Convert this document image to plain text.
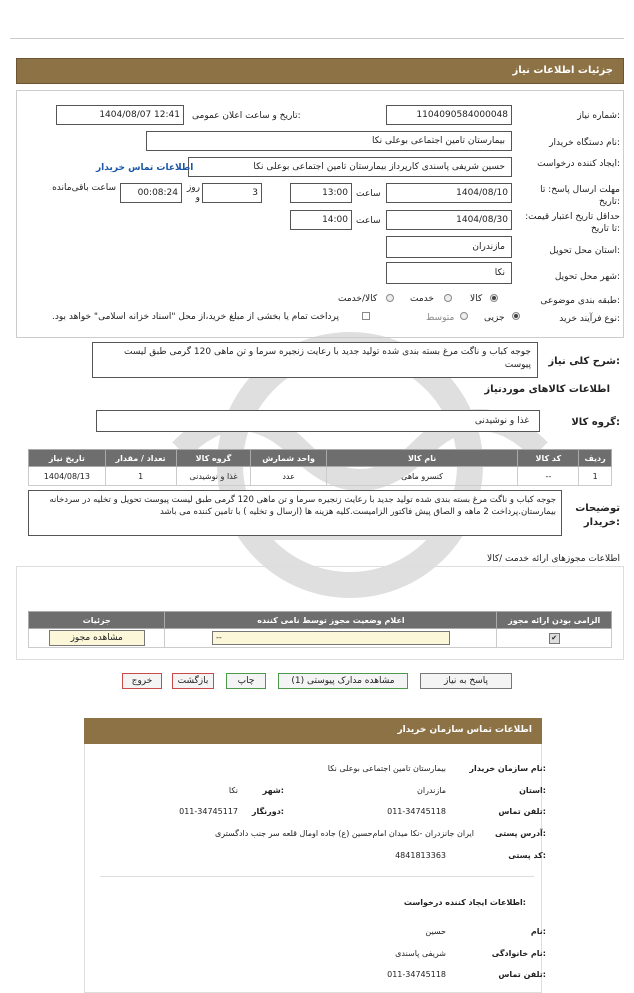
جزئیات اطلاعات نیاز
شماره نیاز:
1104090584000048
تاریخ و ساعت اعلان عمومی:
1404/08/07 12:41
نام دستگاه خریدار:
بیمارستان تامین اجتماعی بوعلی نکا
ایجاد کننده درخواست:
حسین شریفی پاسندی کارپرداز بیمارستان تامین اجتماعی بوعلی نکا
اطلاعات تماس خریدار
مهلت ارسال پاسخ: تا تاریخ:
1404/08/10
ساعت
13:00
3
روز و
00:08:24
ساعت باقی‌مانده
حداقل تاریخ اعتبار قیمت: تا تاریخ:
1404/08/30
ساعت
14:00
استان محل تحویل:
مازندران
شهر محل تحویل:
نکا
طبقه بندی موضوعی:
کالا
خدمت
کالا/خدمت
نوع فرآیند خرید:
جزیی
متوسط
پرداخت تمام یا بخشی از مبلغ خرید،از محل "اسناد خزانه اسلامی" خواهد بود.
شرح کلی نیاز:
جوجه کباب و ناگت مرغ بسته بندی شده تولید جدید با رعایت زنجیره سرما و تن ماهی 120 گرمی طبق لیست پیوست
اطلاعات کالاهای موردنیاز
گروه کالا:
غذا و نوشیدنی
ردیف	کد کالا	نام کالا	واحد شمارش	گروه کالا	تعداد / مقدار	تاریخ نیاز
1	--	کنسرو ماهی	عدد	غذا و نوشیدنی	1	1404/08/13
توضیحات خریدار:
جوجه کباب و ناگت مرغ بسته بندی شده تولید جدید با رعایت زنجیره سرما و تن ماهی 120 گرمی طبق لیست پیوست تحویل و تخلیه در سردخانه بیمارستان.پرداخت 2 ماهه و الصاق پیش فاکتور الزامیست.کلیه هزینه ها (ارسال و تخلیه ) با تامین کننده می باشد
اطلاعات مجوزهای ارائه خدمت /کالا
الزامی بودن ارائه مجوز	اعلام وضعیت مجوز توسط نامی کننده	جزئیات
✔	--	مشاهده مجوز
پاسخ به نیاز
مشاهده مدارک پیوستی (1)
چاپ
بازگشت
خروج
اطلاعات تماس سازمان خریدار
نام سازمان خریدار:
بیمارستان تامین اجتماعی بوعلی نکا
استان:
مازندران
شهر:
نکا
تلفن تماس:
011-34745118
دورنگار:
011-34745117
آدرس پستی:
ایران جانزدران -نکا میدان امام‌حسین (ع) جاده اومال قلعه سر جنب دادگستری
کد پستی:
4841813363
اطلاعات ایجاد کننده درخواست:
نام:
حسین
نام خانوادگی:
شریفی پاسندی
تلفن تماس:
011-34745118
